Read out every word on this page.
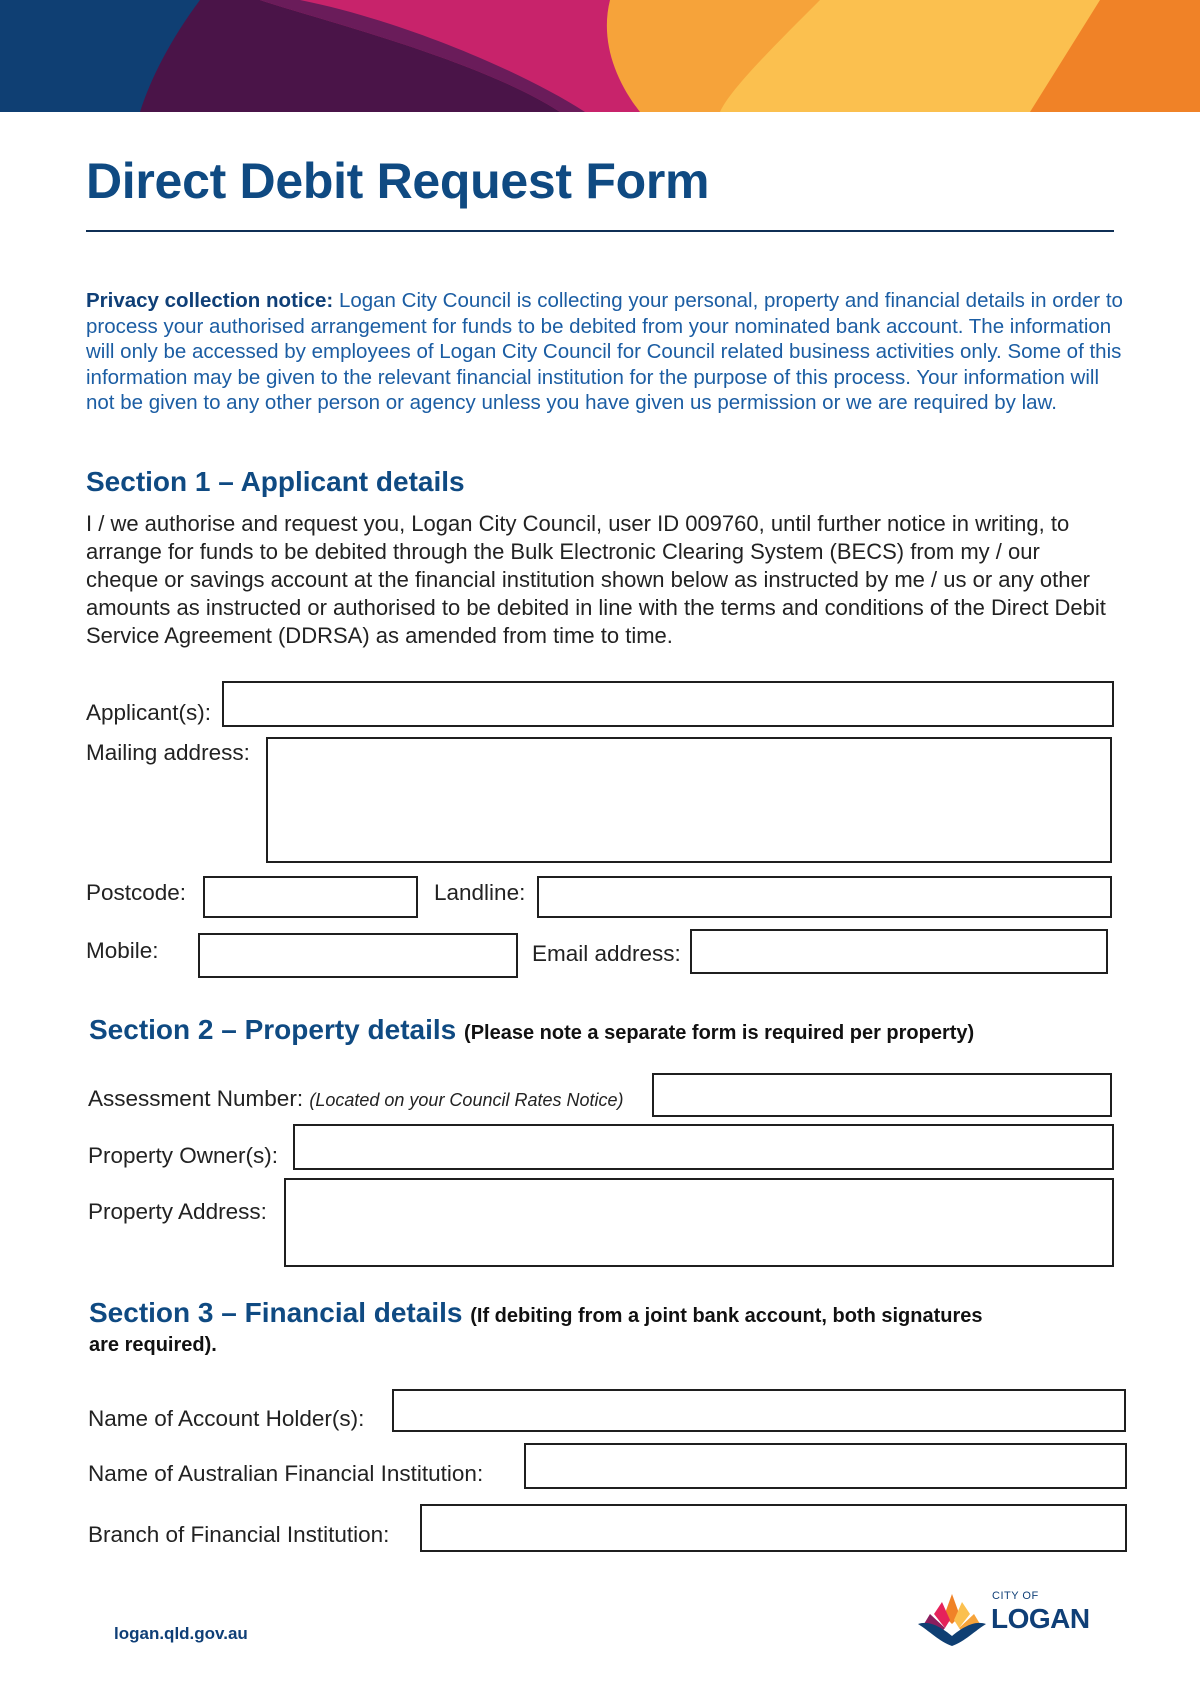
Direct Debit Request Form

Privacy collection notice: Logan City Council is collecting your personal, property and financial details in order to process your authorised arrangement for funds to be debited from your nominated bank account. The information will only be accessed by employees of Logan City Council for Council related business activities only. Some of this information may be given to the relevant financial institution for the purpose of this process. Your information will not be given to any other person or agency unless you have given us permission or we are required by law.

Section 1 – Applicant details

I / we authorise and request you, Logan City Council, user ID 009760, until further notice in writing, to arrange for funds to be debited through the Bulk Electronic Clearing System (BECS) from my / our cheque or savings account at the financial institution shown below as instructed by me / us or any other amounts as instructed or authorised to be debited in line with the terms and conditions of the Direct Debit Service Agreement (DDRSA) as amended from time to time.

Applicant(s):
Mailing address:
Postcode:	Landline:
Mobile:	Email address:
Section 2 – Property details (Please note a separate form is required per property)
Assessment Number: (Located on your Council Rates Notice)
Property Owner(s):
Property Address:
Section 3 – Financial details (If debiting from a joint bank account, both signatures
are required).
Name of Account Holder(s):
Name of Australian Financial Institution:
Branch of Financial Institution:
logan.qld.gov.au
CITY OF
LOGAN
